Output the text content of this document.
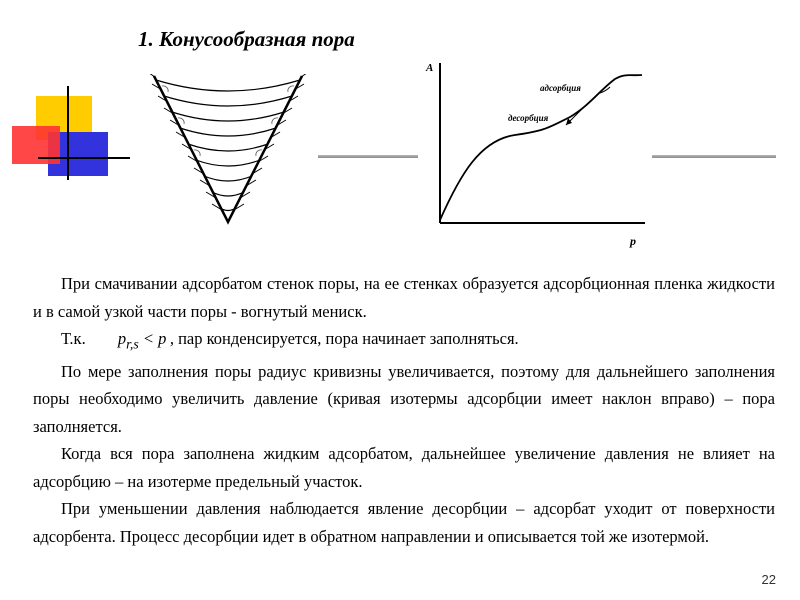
1. Конусообразная пора
A
p
адсорбция
десорбция

При смачивании адсорбатом стенок поры, на ее стенках образуется адсорбционная пленка жидкости и в самой узкой части поры - вогнутый мениск.

Т.к. $p_{r,s} < p$ , пар конденсируется, пора начинает заполняться.

По мере заполнения поры радиус кривизны увеличивается, поэтому для дальнейшего заполнения поры необходимо увеличить давление (кривая изотермы адсорбции имеет наклон вправо) – пора заполняется.

Когда вся пора заполнена жидким адсорбатом, дальнейшее увеличение давления не влияет на адсорбцию – на изотерме предельный участок.

При уменьшении давления наблюдается явление десорбции – адсорбат уходит от поверхности адсорбента. Процесс десорбции идет в обратном направлении и описывается той же изотермой.

22
